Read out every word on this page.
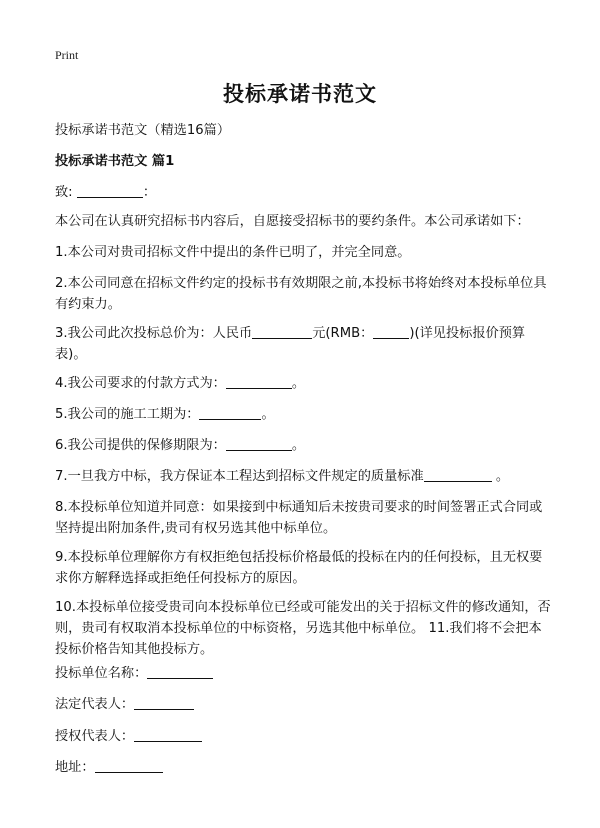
Print
投标承诺书范文

投标承诺书范文（精选16篇）

投标承诺书范文 篇1

致:	：

本公司在认真研究招标书内容后，自愿接受招标书的要约条件。本公司承诺如下：

1.本公司对贵司招标文件中提出的条件已明了，并完全同意。

2.本公司同意在招标文件约定的投标书有效期限之前,本投标书将始终对本投标单位具有约束力。

3.我公司此次投标总价为：人民币	元(RMB：	)(详见投标报价预算表)。

4.我公司要求的付款方式为：	。

5.我公司的施工工期为：	。

6.我公司提供的保修期限为：	。

7.一旦我方中标，我方保证本工程达到招标文件规定的质量标准	。

8.本投标单位知道并同意：如果接到中标通知后未按贵司要求的时间签署正式合同或坚持提出附加条件,贵司有权另选其他中标单位。

9.本投标单位理解你方有权拒绝包括投标价格最低的投标在内的任何投标，且无权要求你方解释选择或拒绝任何投标方的原因。

10.本投标单位接受贵司向本投标单位已经或可能发出的关于招标文件的修改通知，否则，贵司有权取消本投标单位的中标资格，另选其他中标单位。 11.我们将不会把本投标价格告知其他投标方。

投标单位名称：

法定代表人：

授权代表人：

地址：
